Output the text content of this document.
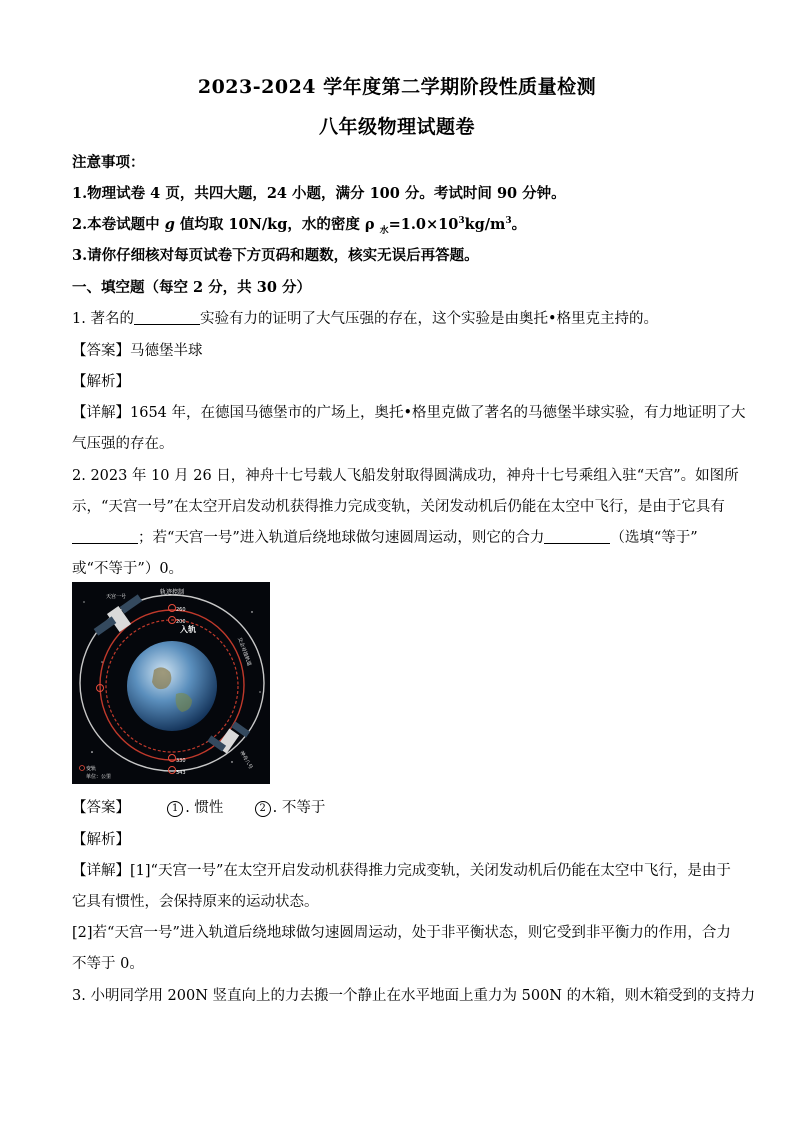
2023-2024 学年度第二学期阶段性质量检测
八年级物理试题卷
注意事项：
1.物理试卷 4 页，共四大题，24 小题，满分 100 分。考试时间 90 分钟。
2.本卷试题中 g 值均取 10N/kg，水的密度 ρ $_水=1.0\times 10^3kg/m^3$。
3.请你仔细核对每页试卷下方页码和题数，核实无误后再答题。
一、填空题（每空 2 分，共 30 分）
1. 著名的	实验有力的证明了大气压强的存在，这个实验是由奥托•格里克主持的。
【答案】马德堡半球
【解析】
【详解】1654 年，在德国马德堡市的广场上，奥托•格里克做了著名的马德堡半球实验，有力地证明了大
气压强的存在。
2. 2023 年 10 月 26 日，神舟十七号载人飞船发射取得圆满成功，神舟十七号乘组入驻“天宫”。如图所
示，“天宫一号”在太空开启发动机获得推力完成变轨，关闭发动机后仍能在太空中飞行，是由于它具有
；若“天宫一号”进入轨道后绕地球做匀速圆周运动，则它的合力	（选填“等于”
或“不等于”）0。
轨迹控制
260
200
入轨
330
343
天宫一号
神舟八号
交会对接轨道
变轨
单位：公里
【答案】	1 . 惯性	2 . 不等于
【解析】
【详解】[1]“天宫一号”在太空开启发动机获得推力完成变轨，关闭发动机后仍能在太空中飞行，是由于
它具有惯性，会保持原来的运动状态。
[2]若“天宫一号”进入轨道后绕地球做匀速圆周运动，处于非平衡状态，则它受到非平衡力的作用，合力
不等于 0。
3. 小明同学用 200N 竖直向上的力去搬一个静止在水平地面上重力为 500N 的木箱，则木箱受到的支持力
